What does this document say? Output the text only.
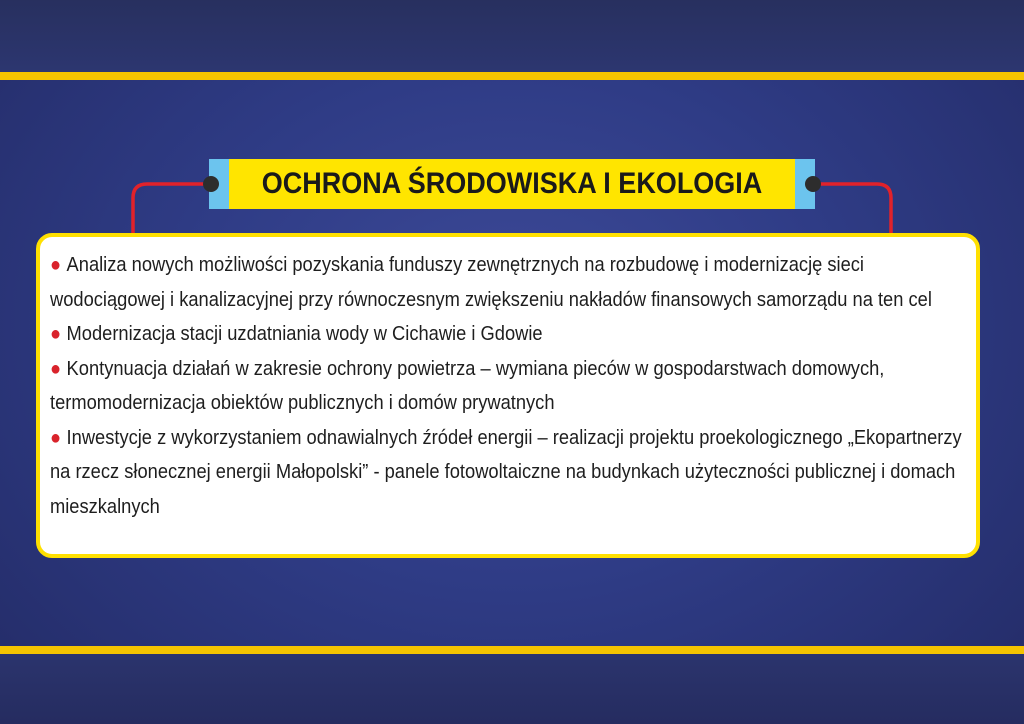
OCHRONA ŚRODOWISKA I EKOLOGIA
● Analiza nowych możliwości pozyskania funduszy zewnętrznych na rozbudowę i modernizację sieci wodociągowej i kanalizacyjnej przy równoczesnym zwiększeniu nakładów finansowych samorządu na ten cel
● Modernizacja stacji uzdatniania wody w Cichawie i Gdowie
● Kontynuacja działań w zakresie ochrony powietrza – wymiana pieców w gospodarstwach domowych, termomodernizacja obiektów publicznych i domów prywatnych
● Inwestycje z wykorzystaniem odnawialnych źródeł energii – realizacji projektu proekologicznego „Ekopartnerzy na rzecz słonecznej energii Małopolski” - panele fotowoltaiczne na budynkach użyteczności publicznej i domach mieszkalnych
